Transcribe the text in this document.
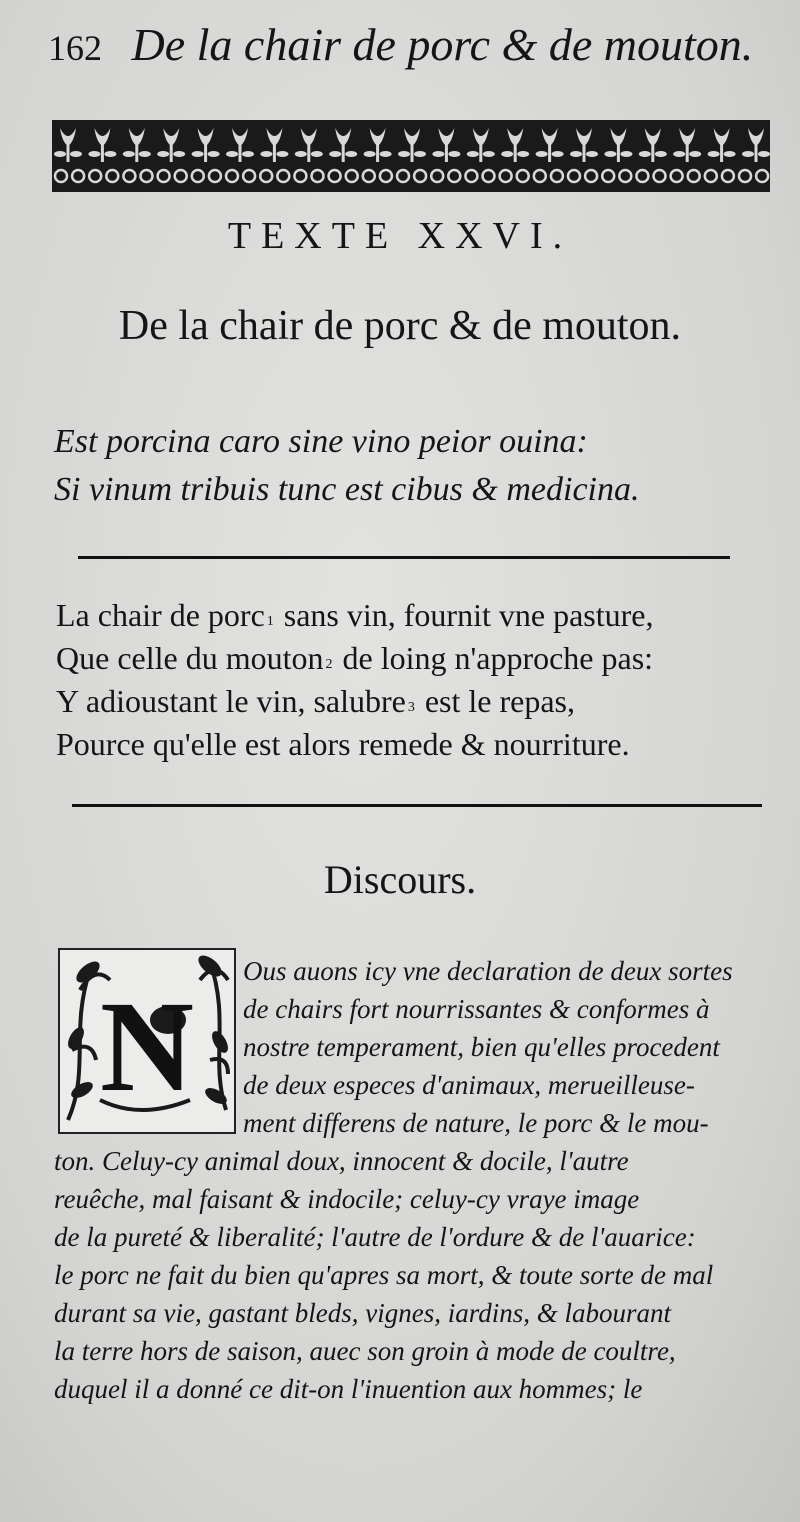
162 De la chair de porc & de mouton.
TEXTE XXVI.
De la chair de porc & de mouton.
Est porcina caro sine vino peior ouina:
Si vinum tribuis tunc est cibus & medicina.
La chair de porc $^1$ sans vin, fournit vne pasture,
Que celle du mouton $^2$ de loing n'approche pas:
Y adioustant le vin, salubre $^3$ est le repas,
Pource qu'elle est alors remede & nourriture.
Discours.
N
Ous auons icy vne declaration de deux sortes
de chairs fort nourrissantes & conformes à
nostre temperament, bien qu'elles procedent
de deux especes d'animaux, merueilleuse-
ment differens de nature, le porc & le mou-
ton. Celuy-cy animal doux, innocent & docile, l'autre
reuêche, mal faisant & indocile; celuy-cy vraye image
de la pureté & liberalité; l'autre de l'ordure & de l'auarice:
le porc ne fait du bien qu'apres sa mort, & toute sorte de mal
durant sa vie, gastant bleds, vignes, iardins, & labourant
la terre hors de saison, auec son groin à mode de coultre,
duquel il a donné ce dit-on l'inuention aux hommes; le
